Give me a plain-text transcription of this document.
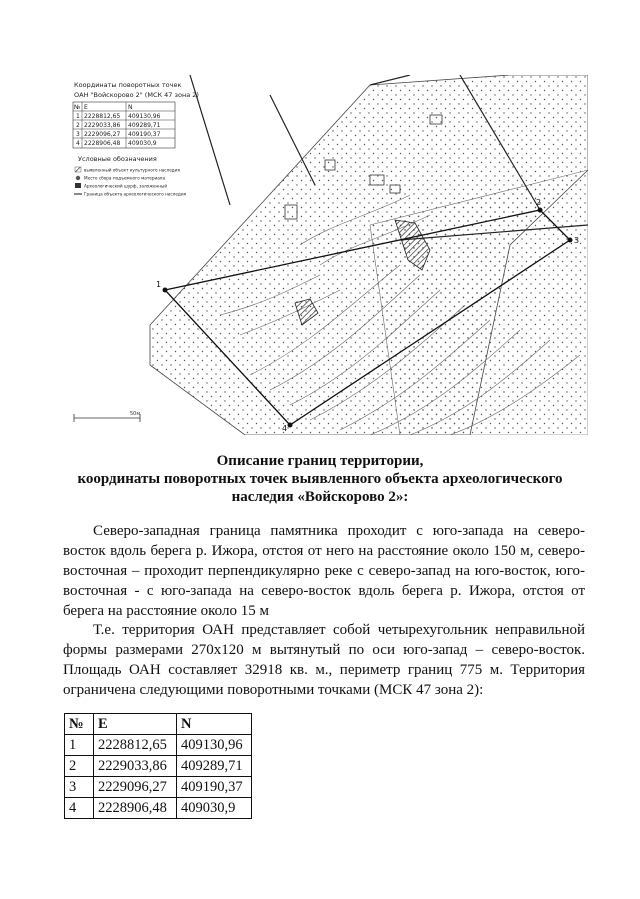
1
2
3
4
Координаты поворотных точек
ОАН "Войскорово 2" (МСК 47 зона 2)
№ E	N
1 2228812,65 409130,96
2 2229033,86 409289,71
3 2229096,27 409190,37
4 2228906,48 409030,9
Условные обозначения
выявленный объект культурного наследия
Место сбора подъемного материала
Археологический шурф, заложенный
Граница объекта археологического наследия
50м
Описание границ территории,
координаты поворотных точек выявленного объекта археологического
наследия «Войскорово 2»:

Северо-западная граница памятника проходит с юго-запада на северо-восток вдоль берега р. Ижора, отстоя от него на расстояние около 150 м, северо-восточная – проходит перпендикулярно реке с северо-запад на юго-восток, юго-восточная - с юго-запада на северо-восток вдоль берега р. Ижора, отстоя от берега на расстояние около 15 м

Т.е. территория ОАН представляет собой четырехугольник неправильной формы размерами 270х120 м вытянутый по оси юго-запад – северо-восток. Площадь ОАН составляет 32918 кв. м., периметр границ 775 м. Территория ограничена следующими поворотными точками (МСК 47 зона 2):

№	E	N
1	2228812,65	409130,96
2	2229033,86	409289,71
3	2229096,27	409190,37
4	2228906,48	409030,9
